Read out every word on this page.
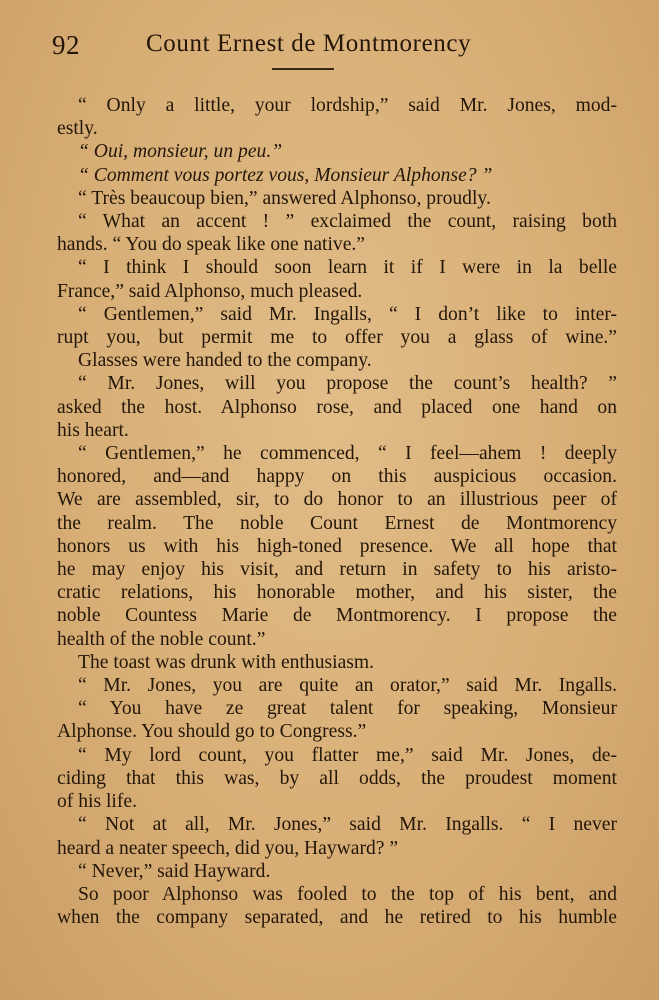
92	Count Ernest de Montmorency
“ Only a little, your lordship,” said Mr. Jones, mod-
estly.
“ Oui, monsieur, un peu.”
“ Comment vous portez vous, Monsieur Alphonse? ”
“ Très beaucoup bien,” answered Alphonso, proudly.
“ What an accent ! ” exclaimed the count, raising both
hands. “ You do speak like one native.”
“ I think I should soon learn it if I were in la belle
France,” said Alphonso, much pleased.
“ Gentlemen,” said Mr. Ingalls, “ I don’t like to inter-
rupt you, but permit me to offer you a glass of wine.”
Glasses were handed to the company.
“ Mr. Jones, will you propose the count’s health? ”
asked the host. Alphonso rose, and placed one hand on
his heart.
“ Gentlemen,” he commenced, “ I feel—ahem ! deeply
honored, and—and happy on this auspicious occasion.
We are assembled, sir, to do honor to an illustrious peer of
the realm. The noble Count Ernest de Montmorency
honors us with his high-toned presence. We all hope that
he may enjoy his visit, and return in safety to his aristo-
cratic relations, his honorable mother, and his sister, the
noble Countess Marie de Montmorency. I propose the
health of the noble count.”
The toast was drunk with enthusiasm.
“ Mr. Jones, you are quite an orator,” said Mr. Ingalls.
“ You have ze great talent for speaking, Monsieur
Alphonse. You should go to Congress.”
“ My lord count, you flatter me,” said Mr. Jones, de-
ciding that this was, by all odds, the proudest moment
of his life.
“ Not at all, Mr. Jones,” said Mr. Ingalls. “ I never
heard a neater speech, did you, Hayward? ”
“ Never,” said Hayward.
So poor Alphonso was fooled to the top of his bent, and
when the company separated, and he retired to his humble
